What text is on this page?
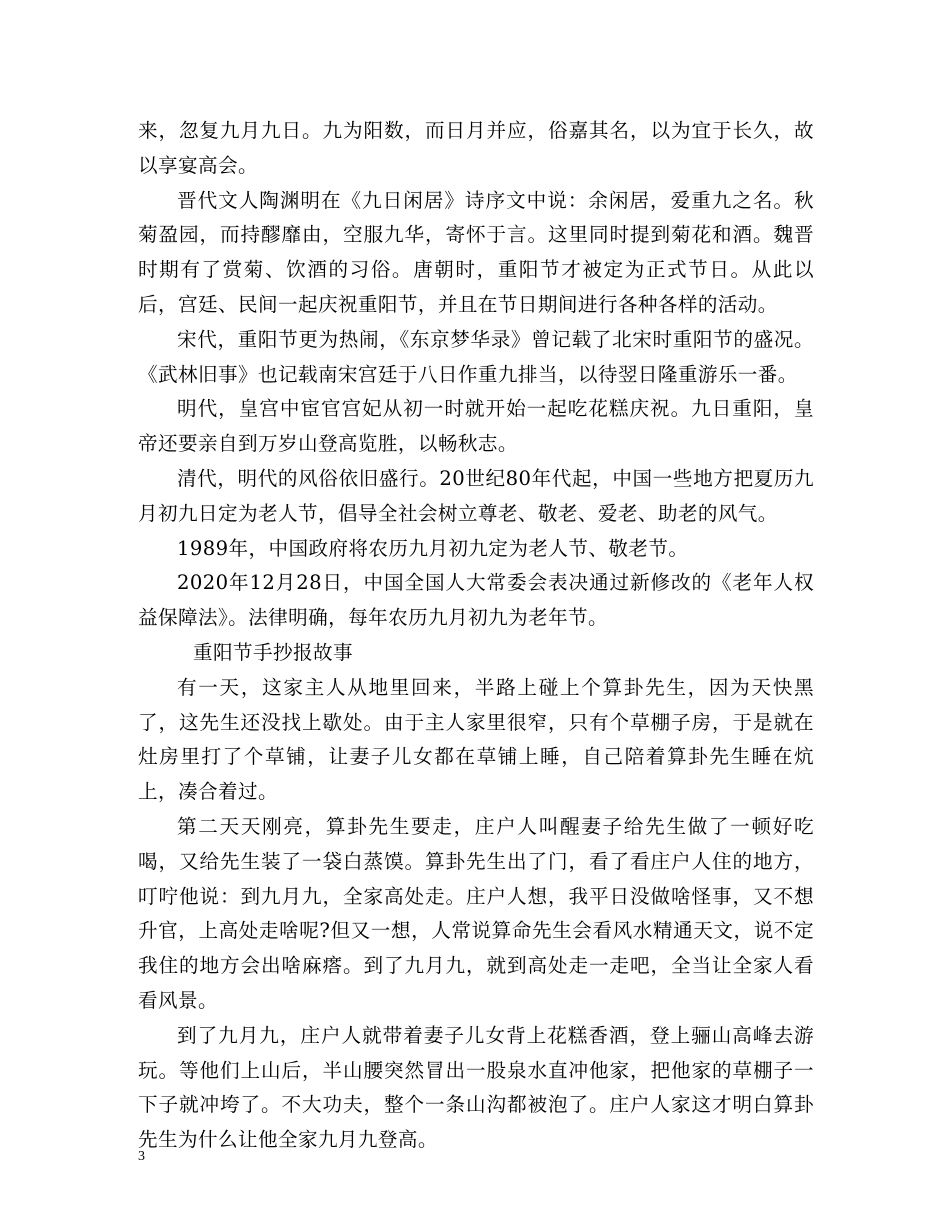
来，忽复九月九日。九为阳数，而日月并应，俗嘉其名，以为宜于长久，故以享宴高会。

晋代文人陶渊明在《九日闲居》诗序文中说：余闲居，爱重九之名。秋菊盈园，而持醪靡由，空服九华，寄怀于言。这里同时提到菊花和酒。魏晋时期有了赏菊、饮酒的习俗。唐朝时，重阳节才被定为正式节日。从此以后，宫廷、民间一起庆祝重阳节，并且在节日期间进行各种各样的活动。

宋代，重阳节更为热闹，《东京梦华录》曾记载了北宋时重阳节的盛况。《武林旧事》也记载南宋宫廷于八日作重九排当，以待翌日隆重游乐一番。

明代，皇宫中宦官宫妃从初一时就开始一起吃花糕庆祝。九日重阳，皇帝还要亲自到万岁山登高览胜，以畅秋志。

清代，明代的风俗依旧盛行。20世纪80年代起，中国一些地方把夏历九月初九日定为老人节，倡导全社会树立尊老、敬老、爱老、助老的风气。

1989年，中国政府将农历九月初九定为老人节、敬老节。

2020年12月28日，中国全国人大常委会表决通过新修改的《老年人权益保障法》。法律明确，每年农历九月初九为老年节。

重阳节手抄报故事

有一天，这家主人从地里回来，半路上碰上个算卦先生，因为天快黑了，这先生还没找上歇处。由于主人家里很窄，只有个草棚子房，于是就在灶房里打了个草铺，让妻子儿女都在草铺上睡，自己陪着算卦先生睡在炕上，凑合着过。

第二天天刚亮，算卦先生要走，庄户人叫醒妻子给先生做了一顿好吃喝，又给先生装了一袋白蒸馍。算卦先生出了门，看了看庄户人住的地方，叮咛他说：到九月九，全家高处走。庄户人想，我平日没做啥怪事，又不想升官，上高处走啥呢?但又一想，人常说算命先生会看风水精通天文，说不定我住的地方会出啥麻瘩。到了九月九，就到高处走一走吧，全当让全家人看看风景。

到了九月九，庄户人就带着妻子儿女背上花糕香酒，登上骊山高峰去游玩。等他们上山后，半山腰突然冒出一股泉水直冲他家，把他家的草棚子一下子就冲垮了。不大功夫，整个一条山沟都被泡了。庄户人家这才明白算卦先生为什么让他全家九月九登高。

3
